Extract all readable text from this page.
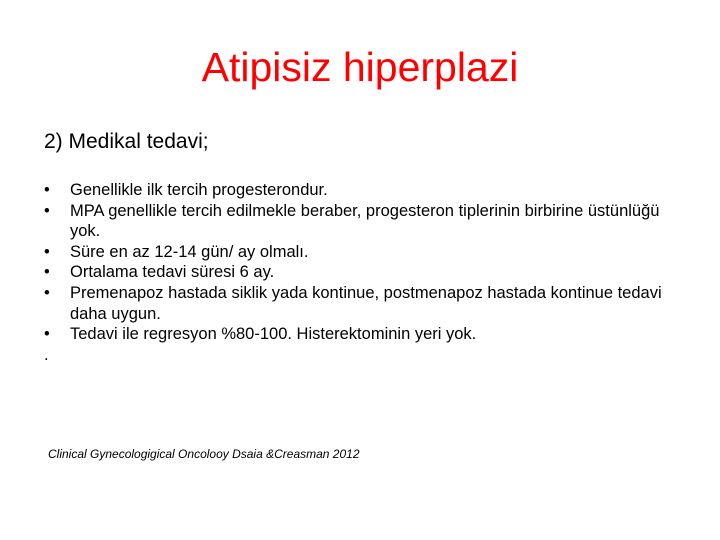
Atipisiz hiperplazi

2) Medikal tedavi;

•	Genellikle ilk tercih progesterondur.
•	MPA genellikle tercih edilmekle beraber, progesteron tiplerinin birbirine üstünlüğü yok.
•	Süre en az 12-14 gün/ ay olmalı.
•	Ortalama tedavi süresi 6 ay.
•	Premenapoz hastada siklik yada kontinue, postmenapoz hastada kontinue tedavi daha uygun.
•	Tedavi ile regresyon %80-100. Histerektominin yeri yok.
.

Clinical Gynecologigical Oncolooy Dsaia &Creasman 2012
